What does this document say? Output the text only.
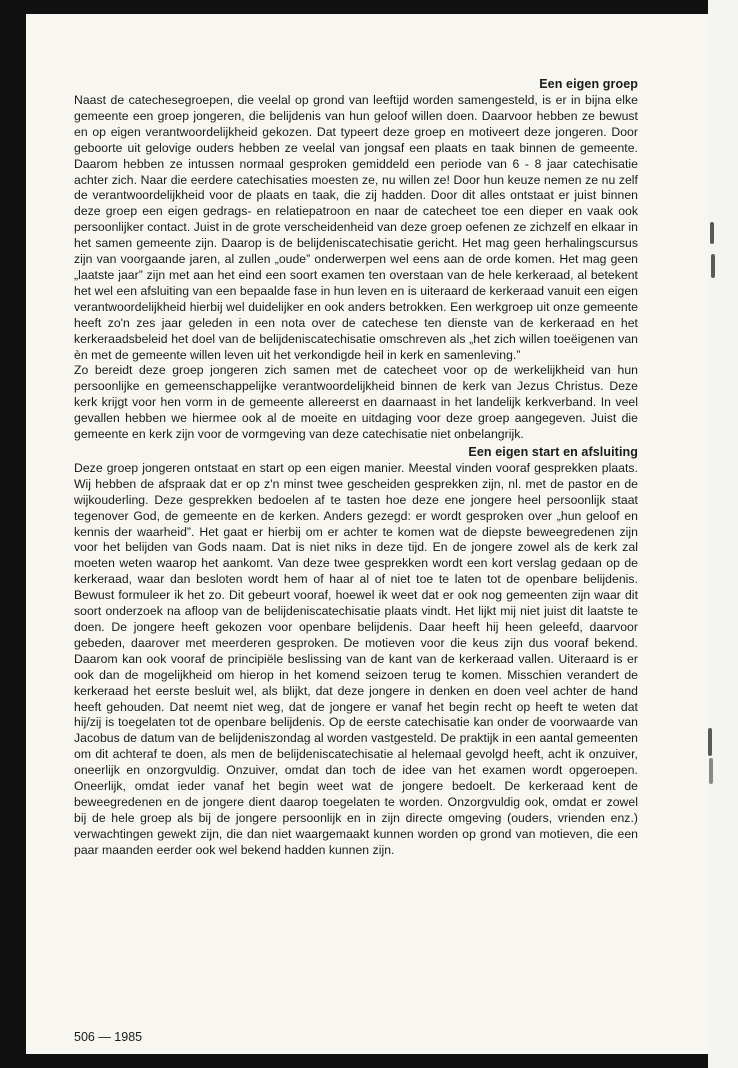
Een eigen groep

Naast de catechesegroepen, die veelal op grond van leeftijd worden samengesteld, is er in bijna elke gemeente een groep jongeren, die belijdenis van hun geloof willen doen. Daarvoor hebben ze bewust en op eigen verantwoordelijkheid gekozen. Dat typeert deze groep en motiveert deze jongeren. Door geboorte uit gelovige ouders hebben ze veelal van jongsaf een plaats en taak binnen de gemeente. Daarom hebben ze intussen normaal gesproken gemiddeld een periode van 6 - 8 jaar catechisatie achter zich. Naar die eerdere catechisaties moesten ze, nu willen ze! Door hun keuze nemen ze nu zelf de verantwoordelijkheid voor de plaats en taak, die zij hadden. Door dit alles ontstaat er juist binnen deze groep een eigen gedrags- en relatiepatroon en naar de catecheet toe een dieper en vaak ook persoonlijker contact. Juist in de grote verscheidenheid van deze groep oefenen ze zichzelf en elkaar in het samen gemeente zijn. Daarop is de belijdeniscatechisatie gericht. Het mag geen herhalingscursus zijn van voorgaande jaren, al zullen „oude” onderwerpen wel eens aan de orde komen. Het mag geen „laatste jaar” zijn met aan het eind een soort examen ten overstaan van de hele kerkeraad, al betekent het wel een afsluiting van een bepaalde fase in hun leven en is uiteraard de kerkeraad vanuit een eigen verantwoordelijkheid hierbij wel duidelijker en ook anders betrokken. Een werkgroep uit onze gemeente heeft zo'n zes jaar geleden in een nota over de catechese ten dienste van de kerkeraad en het kerkeraadsbeleid het doel van de belijdeniscatechisatie omschreven als „het zich willen toeëigenen van èn met de gemeente willen leven uit het verkondigde heil in kerk en samenleving.”

Zo bereidt deze groep jongeren zich samen met de catecheet voor op de werkelijkheid van hun persoonlijke en gemeenschappelijke verantwoordelijkheid binnen de kerk van Jezus Christus. Deze kerk krijgt voor hen vorm in de gemeente allereerst en daarnaast in het landelijk kerkverband. In veel gevallen hebben we hiermee ook al de moeite en uitdaging voor deze groep aangegeven. Juist die gemeente en kerk zijn voor de vormgeving van deze catechisatie niet onbelangrijk.

Een eigen start en afsluiting

Deze groep jongeren ontstaat en start op een eigen manier. Meestal vinden vooraf gesprekken plaats. Wij hebben de afspraak dat er op z'n minst twee gescheiden gesprekken zijn, nl. met de pastor en de wijkouderling. Deze gesprekken bedoelen af te tasten hoe deze ene jongere heel persoonlijk staat tegenover God, de gemeente en de kerken. Anders gezegd: er wordt gesproken over „hun geloof en kennis der waarheid”. Het gaat er hierbij om er achter te komen wat de diepste beweegredenen zijn voor het belijden van Gods naam. Dat is niet niks in deze tijd. En de jongere zowel als de kerk zal moeten weten waarop het aankomt. Van deze twee gesprekken wordt een kort verslag gedaan op de kerkeraad, waar dan besloten wordt hem of haar al of niet toe te laten tot de openbare belijdenis. Bewust formuleer ik het zo. Dit gebeurt vooraf, hoewel ik weet dat er ook nog gemeenten zijn waar dit soort onderzoek na afloop van de belijdeniscatechisatie plaats vindt. Het lijkt mij niet juist dit laatste te doen. De jongere heeft gekozen voor openbare belijdenis. Daar heeft hij heen geleefd, daarvoor gebeden, daarover met meerderen gesproken. De motieven voor die keus zijn dus vooraf bekend. Daarom kan ook vooraf de principiële beslissing van de kant van de kerkeraad vallen. Uiteraard is er ook dan de mogelijkheid om hierop in het komend seizoen terug te komen. Misschien verandert de kerkeraad het eerste besluit wel, als blijkt, dat deze jongere in denken en doen veel achter de hand heeft gehouden. Dat neemt niet weg, dat de jongere er vanaf het begin recht op heeft te weten dat hij/zij is toegelaten tot de openbare belijdenis. Op de eerste catechisatie kan onder de voorwaarde van Jacobus de datum van de belijdeniszondag al worden vastgesteld. De praktijk in een aantal gemeenten om dit achteraf te doen, als men de belijdeniscatechisatie al helemaal gevolgd heeft, acht ik onzuiver, oneerlijk en onzorgvuldig. Onzuiver, omdat dan toch de idee van het examen wordt opgeroepen. Oneerlijk, omdat ieder vanaf het begin weet wat de jongere bedoelt. De kerkeraad kent de beweegredenen en de jongere dient daarop toegelaten te worden. Onzorgvuldig ook, omdat er zowel bij de hele groep als bij de jongere persoonlijk en in zijn directe omgeving (ouders, vrienden enz.) verwachtingen gewekt zijn, die dan niet waargemaakt kunnen worden op grond van motieven, die een paar maanden eerder ook wel bekend hadden kunnen zijn.

506 — 1985
